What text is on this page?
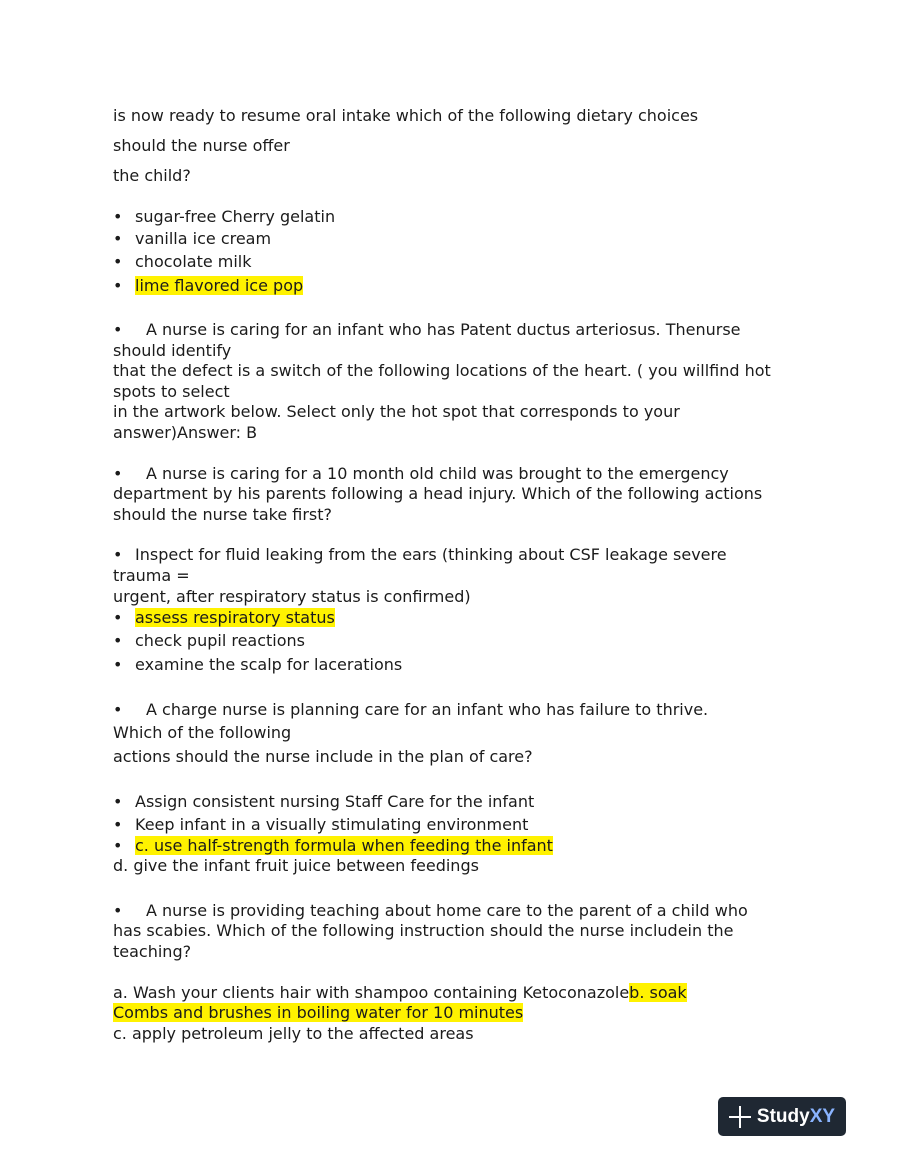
is now ready to resume oral intake which of the following dietary choices
should the nurse offer
the child?
• sugar-free Cherry gelatin
• vanilla ice cream
• chocolate milk
• lime flavored ice pop
• A nurse is caring for an infant who has Patent ductus arteriosus. Thenurse
should identify
that the defect is a switch of the following locations of the heart. ( you willfind hot
spots to select
in the artwork below. Select only the hot spot that corresponds to your
answer)Answer: B
• A nurse is caring for a 10 month old child was brought to the emergency
department by his parents following a head injury. Which of the following actions
should the nurse take first?
• Inspect for fluid leaking from the ears (thinking about CSF leakage severe
trauma =
urgent, after respiratory status is confirmed)
• assess respiratory status
• check pupil reactions
• examine the scalp for lacerations
• A charge nurse is planning care for an infant who has failure to thrive.
Which of the following
actions should the nurse include in the plan of care?
• Assign consistent nursing Staff Care for the infant
• Keep infant in a visually stimulating environment
• c. use half-strength formula when feeding the infant
d. give the infant fruit juice between feedings
• A nurse is providing teaching about home care to the parent of a child who
has scabies. Which of the following instruction should the nurse includein the
teaching?
a. Wash your clients hair with shampoo containing Ketoconazoleb. soak
Combs and brushes in boiling water for 10 minutes
c. apply petroleum jelly to the affected areas
Study XY
